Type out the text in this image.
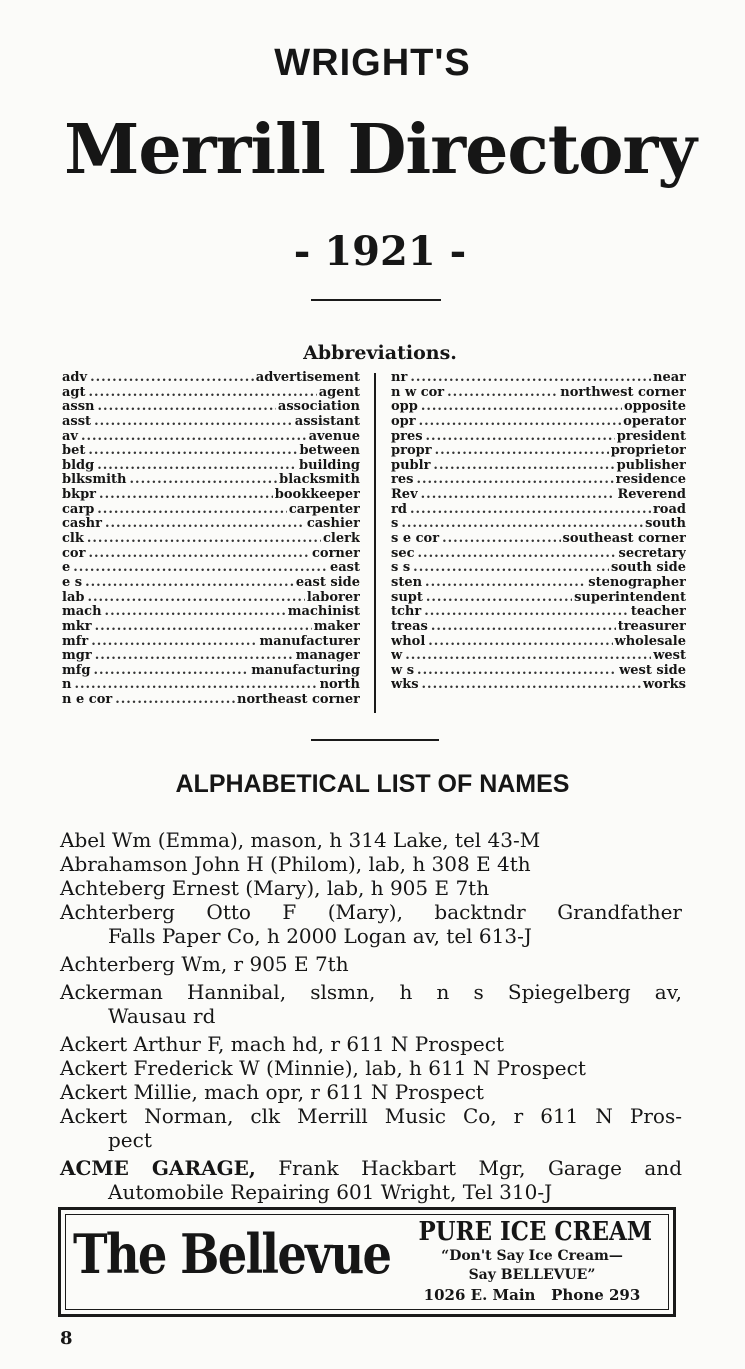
WRIGHT'S
Merrill Directory
- 1921 -
Abbreviations.
adv .....	advertisement
agt .....	agent
assn .....	association
asst .....	assistant
av .....	avenue
bet .....	between
bldg .....	building
blksmith .....	blacksmith
bkpr .....	bookkeeper
carp .....	carpenter
cashr .....	cashier
clk .....	clerk
cor .....	corner
e .....	east
e s .....	east side
lab .....	laborer
mach .....	machinist
mkr .....	maker
mfr .....	manufacturer
mgr .....	manager
mfg .....	manufacturing
n .....	north
n e cor .....	northeast corner
nr .....	near
n w cor .....	northwest corner
opp .....	opposite
opr .....	operator
pres .....	president
propr .....	proprietor
publr .....	publisher
res .....	residence
Rev .....	Reverend
rd .....	road
s .....	south
s e cor .....	southeast corner
sec .....	secretary
s s .....	south side
sten .....	stenographer
supt .....	superintendent
tchr .....	teacher
treas .....	treasurer
whol .....	wholesale
w .....	west
w s .....	west side
wks .....	works
ALPHABETICAL LIST OF NAMES
Abel Wm (Emma), mason, h 314 Lake, tel 43-M
Abrahamson John H (Philom), lab, h 308 E 4th
Achteberg Ernest (Mary), lab, h 905 E 7th
Achterberg Otto F (Mary), backtndr Grandfather
Falls Paper Co, h 2000 Logan av, tel 613-J
Achterberg Wm, r 905 E 7th
Ackerman Hannibal, slsmn, h n s Spiegelberg av,
Wausau rd
Ackert Arthur F, mach hd, r 611 N Prospect
Ackert Frederick W (Minnie), lab, h 611 N Prospect
Ackert Millie, mach opr, r 611 N Prospect
Ackert Norman, clk Merrill Music Co, r 611 N Pros-
pect
ACME GARAGE, Frank Hackbart Mgr, Garage and
Automobile Repairing 601 Wright, Tel 310-J
The Bellevue PURE ICE CREAM
“Don't Say Ice Cream—
Say BELLEVUE”
1026 E. Main Phone 293
8
